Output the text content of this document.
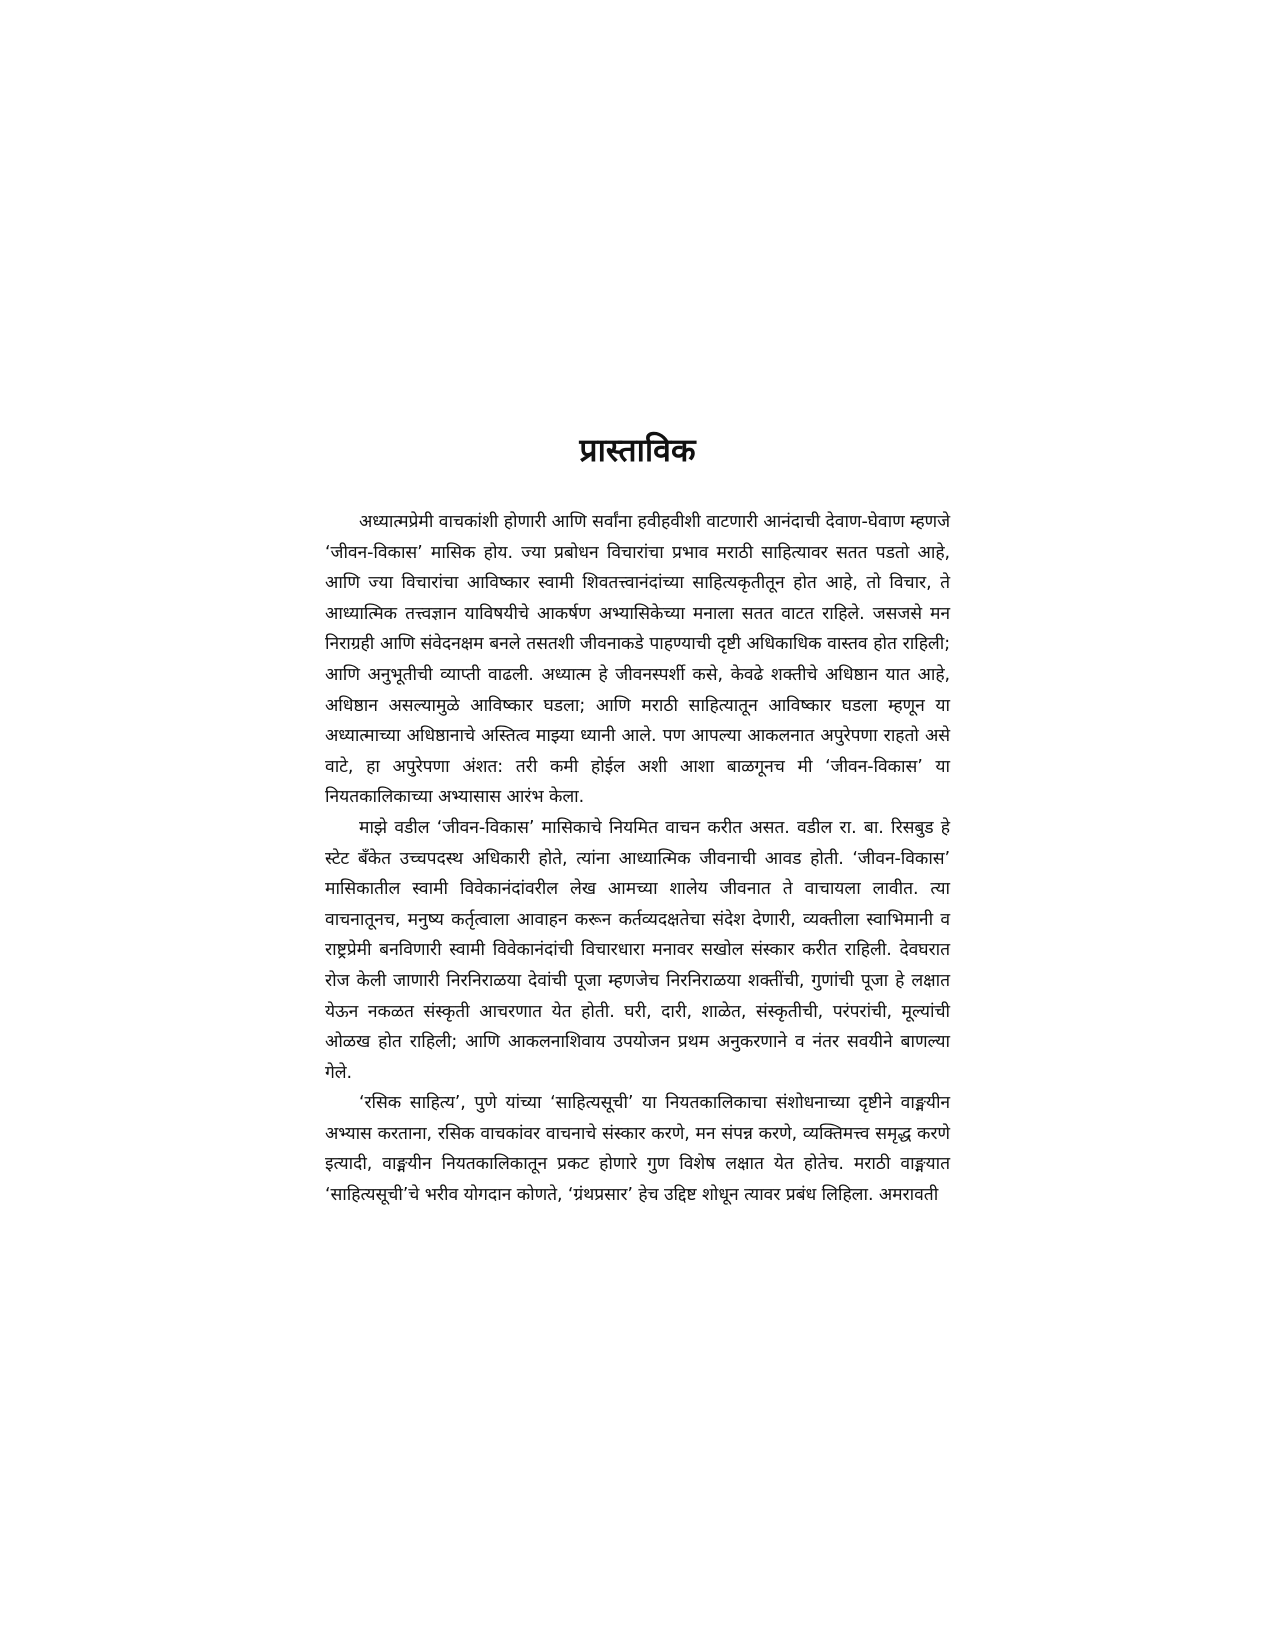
प्रास्ताविक

अध्यात्मप्रेमी वाचकांशी होणारी आणि सर्वांना हवीहवीशी वाटणारी आनंदाची देवाण-घेवाण म्हणजे ‘जीवन-विकास’ मासिक होय. ज्या प्रबोधन विचारांचा प्रभाव मराठी साहित्यावर सतत पडतो आहे, आणि ज्या विचारांचा आविष्कार स्वामी शिवतत्त्वानंदांच्या साहित्यकृतीतून होत आहे, तो विचार, ते आध्यात्मिक तत्त्वज्ञान याविषयीचे आकर्षण अभ्यासिकेच्या मनाला सतत वाटत राहिले. जसजसे मन निराग्रही आणि संवेदनक्षम बनले तसतशी जीवनाकडे पाहण्याची दृष्टी अधिकाधिक वास्तव होत राहिली; आणि अनुभूतीची व्याप्ती वाढली. अध्यात्म हे जीवनस्पर्शी कसे, केवढे शक्तीचे अधिष्ठान यात आहे, अधिष्ठान असल्यामुळे आविष्कार घडला; आणि मराठी साहित्यातून आविष्कार घडला म्हणून या अध्यात्माच्या अधिष्ठानाचे अस्तित्व माझ्या ध्यानी आले. पण आपल्या आकलनात अपुरेपणा राहतो असे वाटे, हा अपुरेपणा अंशत: तरी कमी होईल अशी आशा बाळगूनच मी ‘जीवन-विकास’ या नियतकालिकाच्या अभ्यासास आरंभ केला.

माझे वडील ‘जीवन-विकास’ मासिकाचे नियमित वाचन करीत असत. वडील रा. बा. रिसबुड हे स्टेट बँकेत उच्चपदस्थ अधिकारी होते, त्यांना आध्यात्मिक जीवनाची आवड होती. ‘जीवन-विकास’ मासिकातील स्वामी विवेकानंदांवरील लेख आमच्या शालेय जीवनात ते वाचायला लावीत. त्या वाचनातूनच, मनुष्य कर्तृत्वाला आवाहन करून कर्तव्यदक्षतेचा संदेश देणारी, व्यक्तीला स्वाभिमानी व राष्ट्रप्रेमी बनविणारी स्वामी विवेकानंदांची विचारधारा मनावर सखोल संस्कार करीत राहिली. देवघरात रोज केली जाणारी निरनिराळया देवांची पूजा म्हणजेच निरनिराळया शक्तींची, गुणांची पूजा हे लक्षात येऊन नकळत संस्कृती आचरणात येत होती. घरी, दारी, शाळेत, संस्कृतीची, परंपरांची, मूल्यांची ओळख होत राहिली; आणि आकलनाशिवाय उपयोजन प्रथम अनुकरणाने व नंतर सवयीने बाणल्या गेले.

‘रसिक साहित्य’, पुणे यांच्या ‘साहित्यसूची’ या नियतकालिकाचा संशोधनाच्या दृष्टीने वाङ्मयीन अभ्यास करताना, रसिक वाचकांवर वाचनाचे संस्कार करणे, मन संपन्न करणे, व्यक्तिमत्त्व समृद्ध करणे इत्यादी, वाङ्मयीन नियतकालिकातून प्रकट होणारे गुण विशेष लक्षात येत होतेच. मराठी वाङ्मयात ‘साहित्यसूची’चे भरीव योगदान कोणते, ‘ग्रंथप्रसार’ हेच उद्दिष्ट शोधून त्यावर प्रबंध लिहिला. अमरावती
